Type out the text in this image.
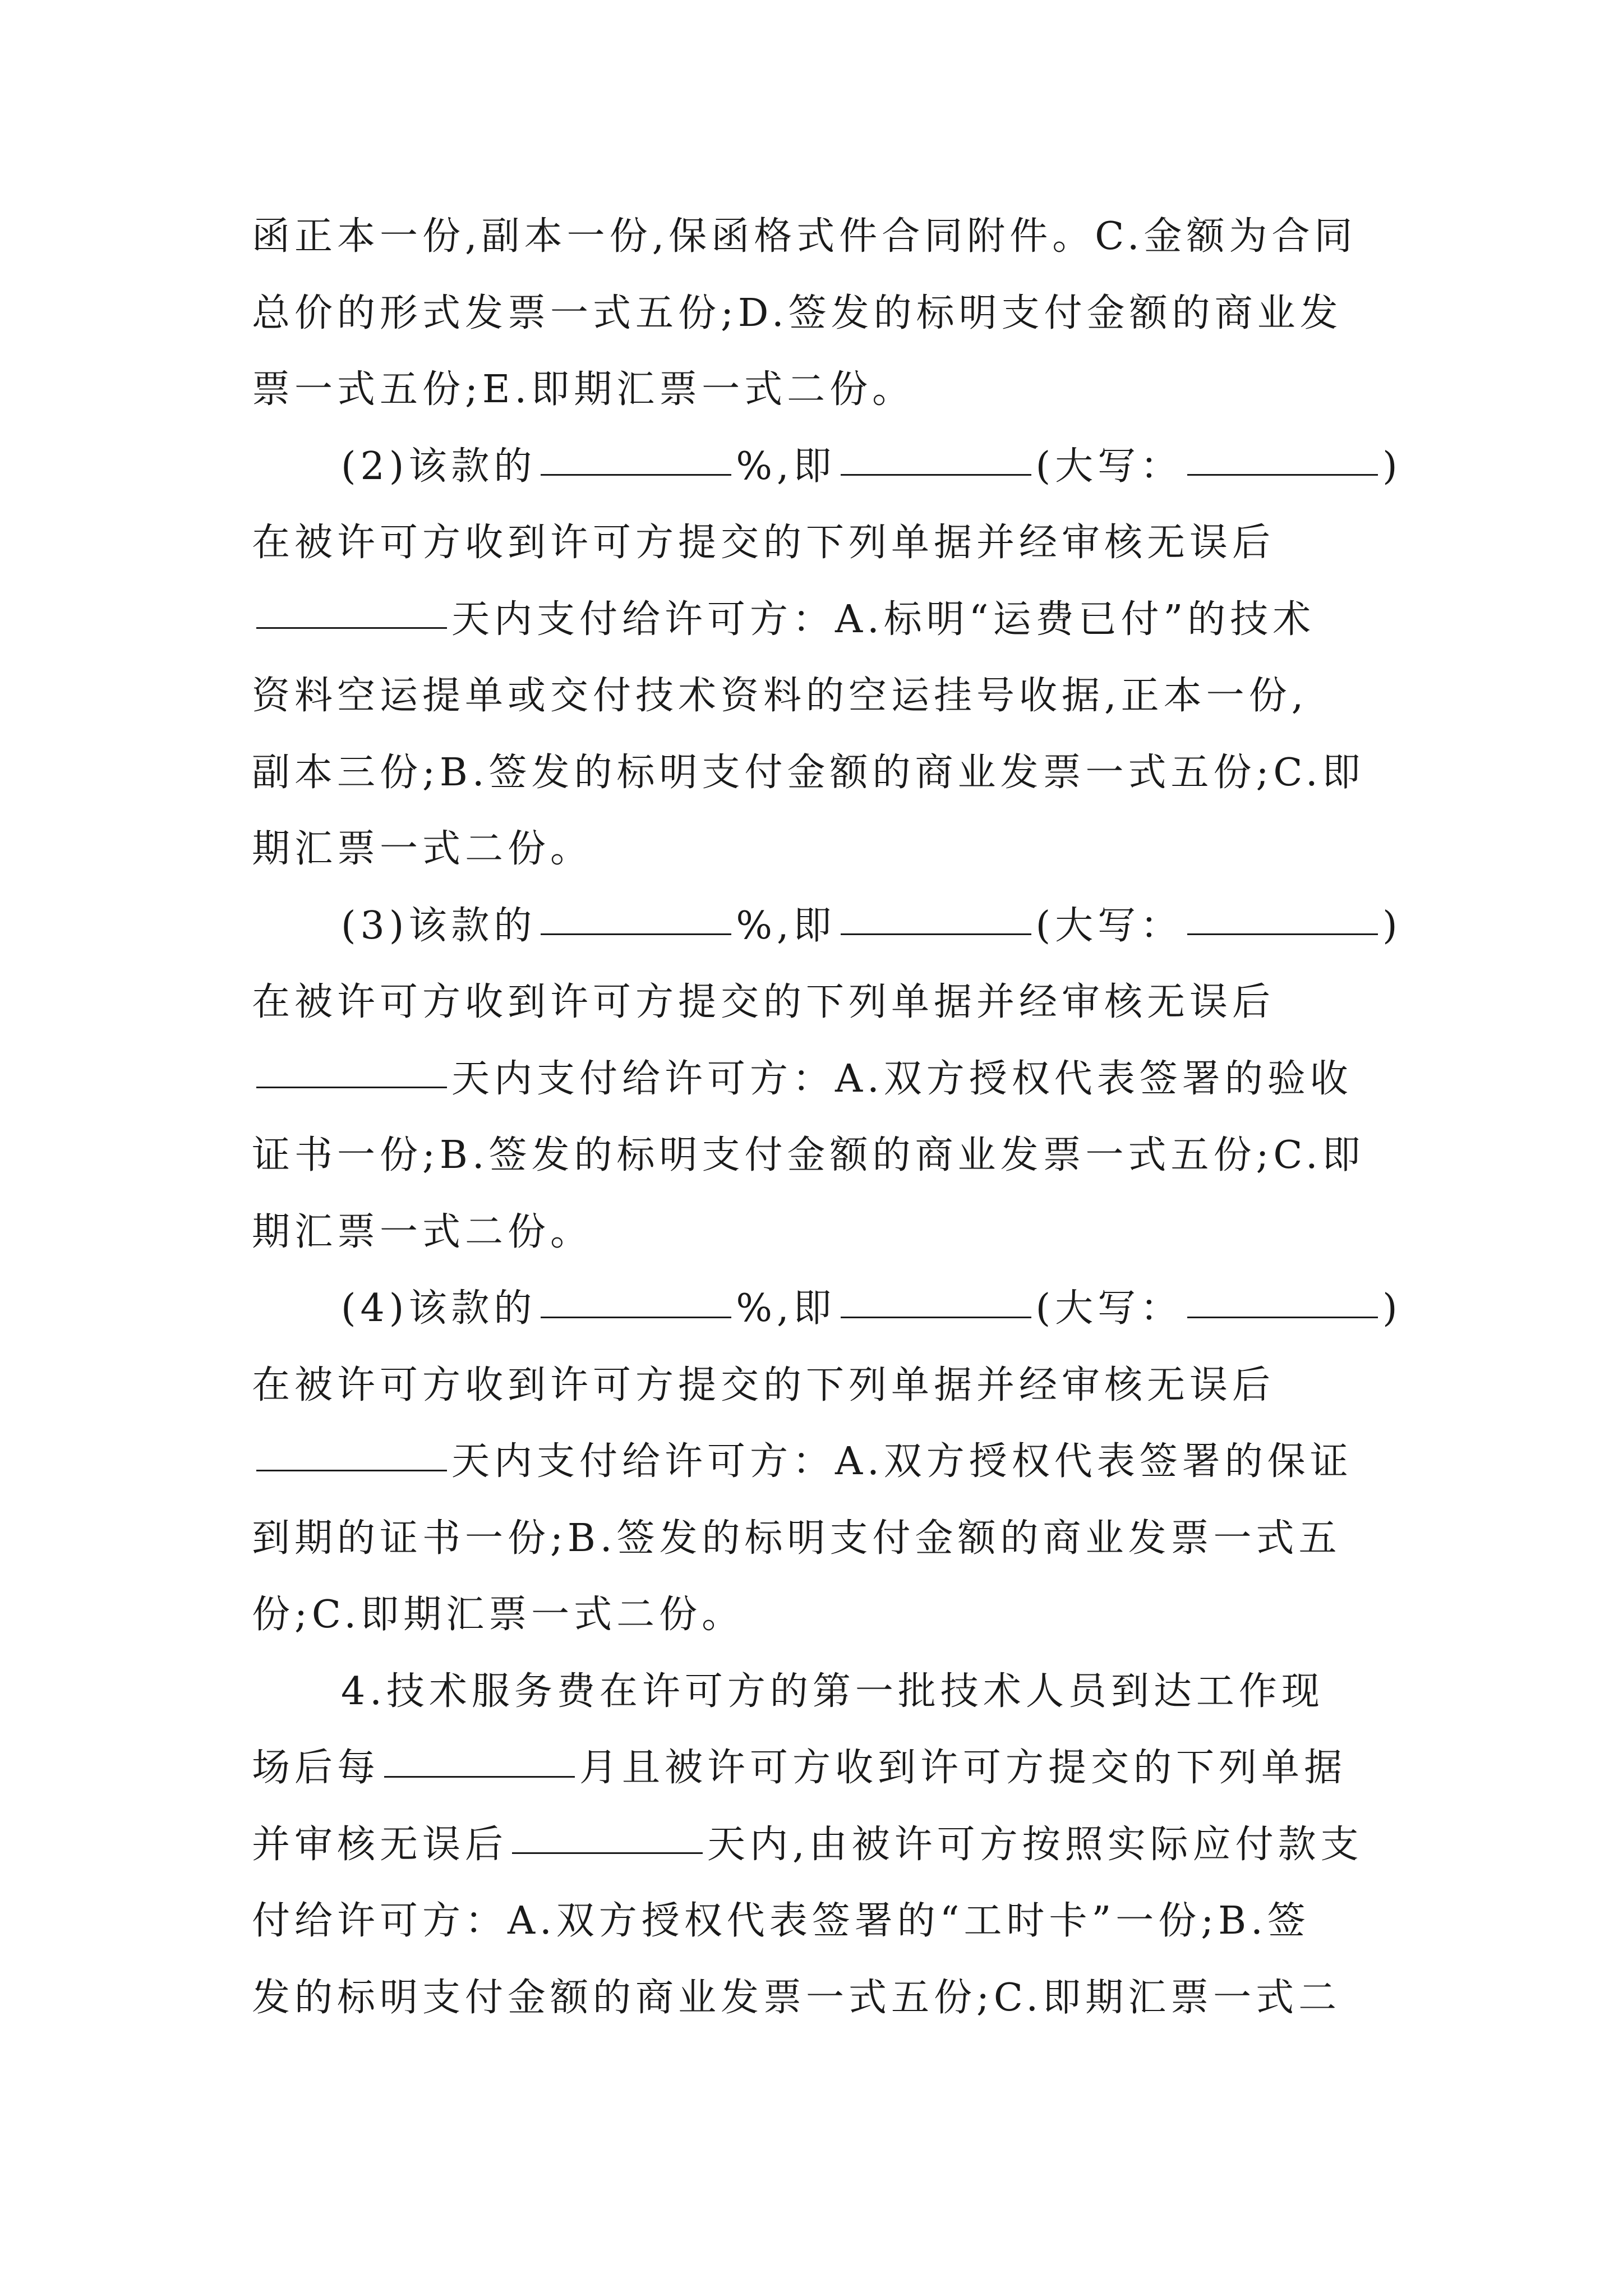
函正本一份,副本一份,保函格式件合同附件。C.金额为合同
总价的形式发票一式五份;D.签发的标明支付金额的商业发
票一式五份;E.即期汇票一式二份。
(2)该款的	%,即	(大写：	)
在被许可方收到许可方提交的下列单据并经审核无误后
天内支付给许可方：A.标明“运费已付”的技术
资料空运提单或交付技术资料的空运挂号收据,正本一份,
副本三份;B.签发的标明支付金额的商业发票一式五份;C.即
期汇票一式二份。
(3)该款的	%,即	(大写：	)
在被许可方收到许可方提交的下列单据并经审核无误后
天内支付给许可方：A.双方授权代表签署的验收
证书一份;B.签发的标明支付金额的商业发票一式五份;C.即
期汇票一式二份。
(4)该款的	%,即	(大写：	)
在被许可方收到许可方提交的下列单据并经审核无误后
天内支付给许可方：A.双方授权代表签署的保证
到期的证书一份;B.签发的标明支付金额的商业发票一式五
份;C.即期汇票一式二份。
4.技术服务费在许可方的第一批技术人员到达工作现
场后每	月且被许可方收到许可方提交的下列单据
并审核无误后	天内,由被许可方按照实际应付款支
付给许可方：A.双方授权代表签署的“工时卡”一份;B.签
发的标明支付金额的商业发票一式五份;C.即期汇票一式二
